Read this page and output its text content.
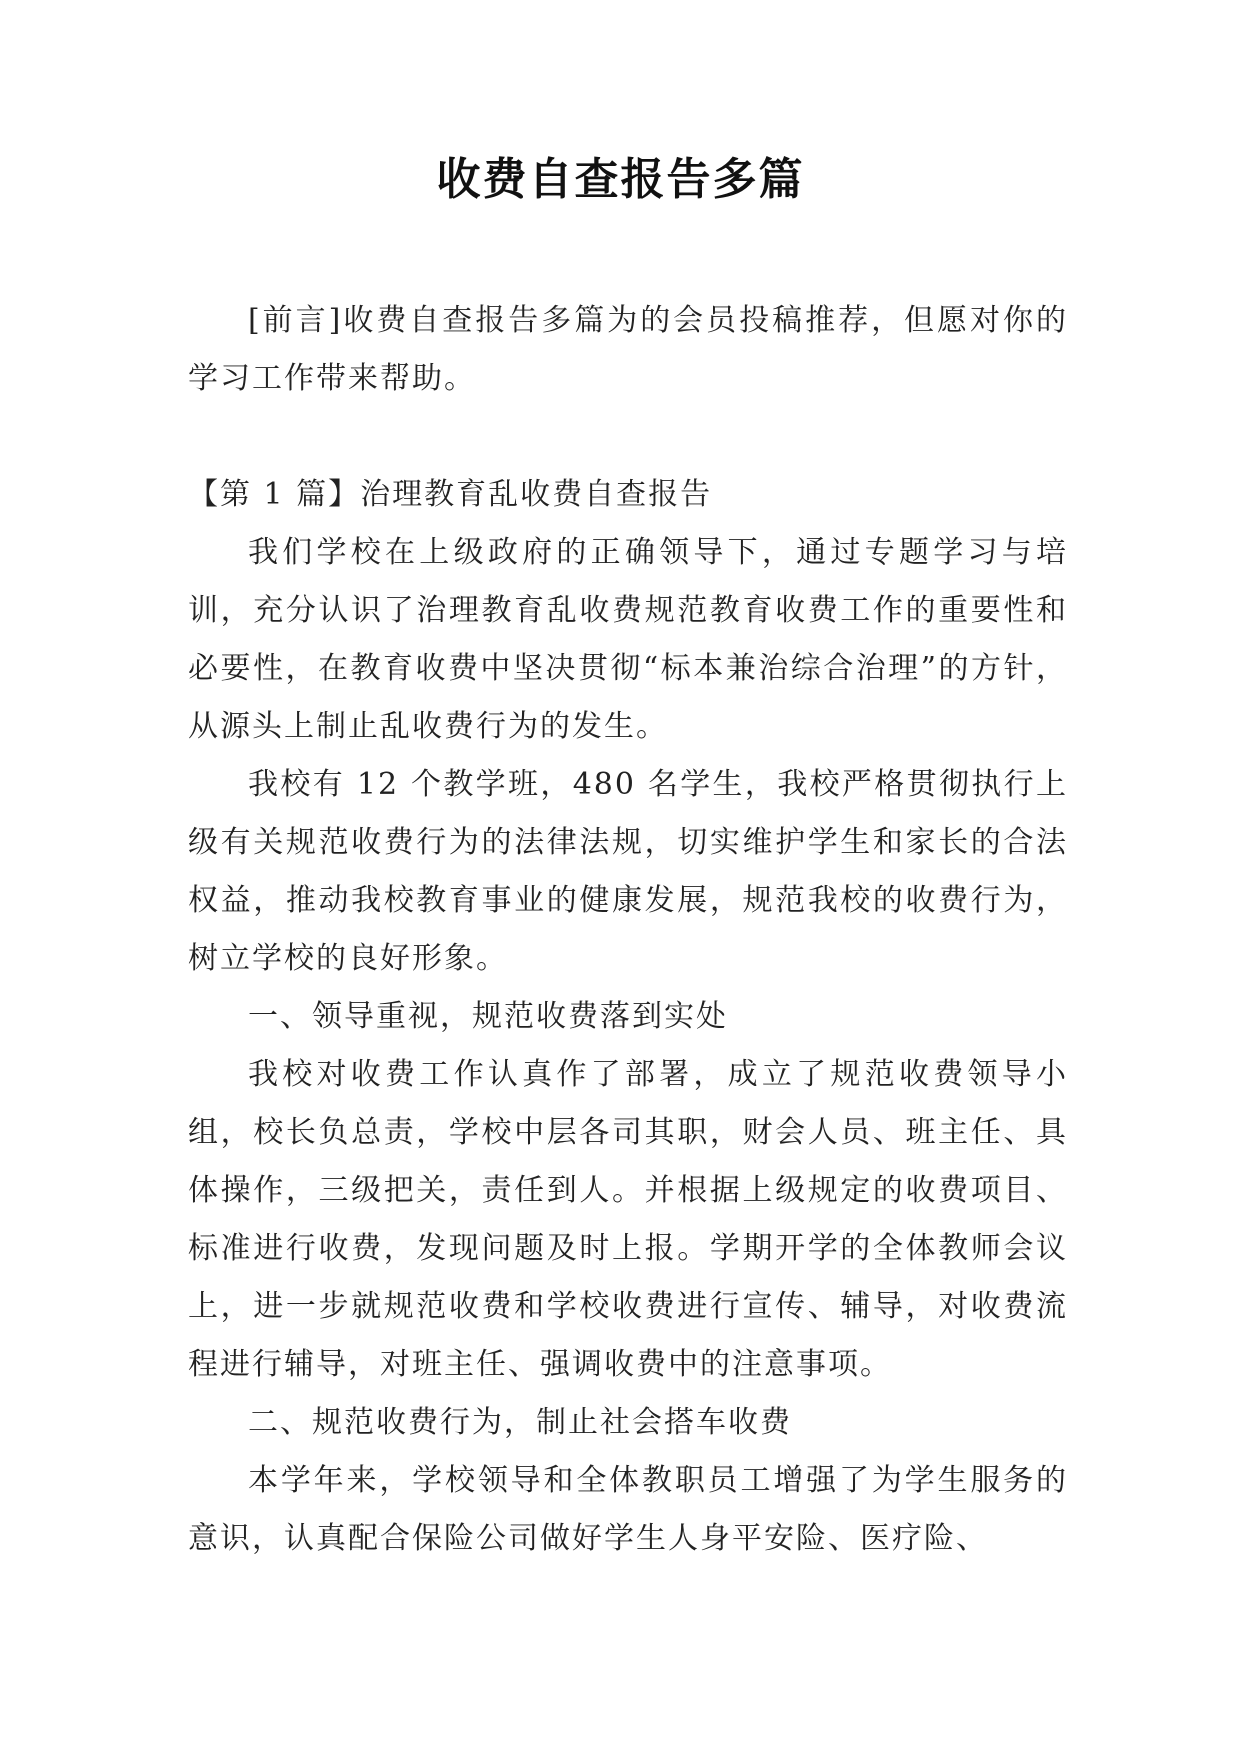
收费自查报告多篇

[前言]收费自查报告多篇为的会员投稿推荐，但愿对你的学习工作带来帮助。

【第 1 篇】治理教育乱收费自查报告

我们学校在上级政府的正确领导下，通过专题学习与培训，充分认识了治理教育乱收费规范教育收费工作的重要性和必要性，在教育收费中坚决贯彻“标本兼治综合治理”的方针，从源头上制止乱收费行为的发生。

我校有 12 个教学班，480 名学生，我校严格贯彻执行上级有关规范收费行为的法律法规，切实维护学生和家长的合法权益，推动我校教育事业的健康发展，规范我校的收费行为，树立学校的良好形象。

一、领导重视，规范收费落到实处

我校对收费工作认真作了部署，成立了规范收费领导小组，校长负总责，学校中层各司其职，财会人员、班主任、具体操作，三级把关，责任到人。并根据上级规定的收费项目、标准进行收费，发现问题及时上报。学期开学的全体教师会议上，进一步就规范收费和学校收费进行宣传、辅导，对收费流程进行辅导，对班主任、强调收费中的注意事项。

二、规范收费行为，制止社会搭车收费

本学年来，学校领导和全体教职员工增强了为学生服务的意识，认真配合保险公司做好学生人身平安险、医疗险、
